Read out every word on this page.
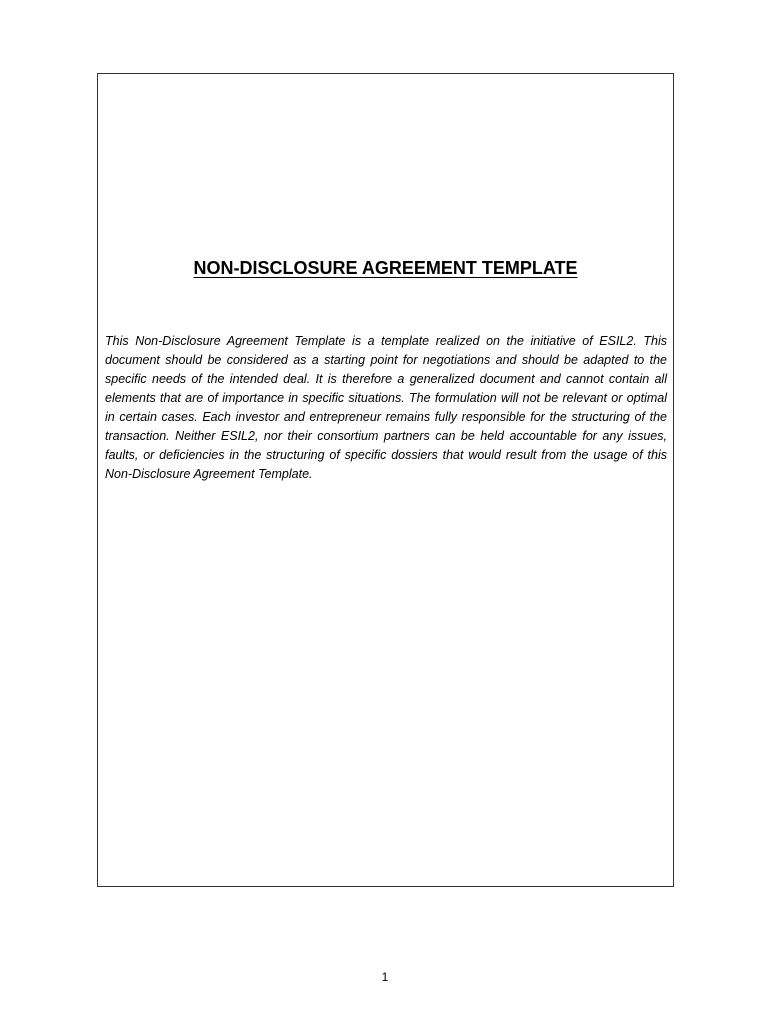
NON-DISCLOSURE AGREEMENT TEMPLATE

This Non-Disclosure Agreement Template is a template realized on the initiative of ESIL2. This document should be considered as a starting point for negotiations and should be adapted to the specific needs of the intended deal. It is therefore a generalized document and cannot contain all elements that are of importance in specific situations. The formulation will not be relevant or optimal in certain cases. Each investor and entrepreneur remains fully responsible for the structuring of the transaction. Neither ESIL2, nor their consortium partners can be held accountable for any issues, faults, or deficiencies in the structuring of specific dossiers that would result from the usage of this Non-Disclosure Agreement Template.

1
